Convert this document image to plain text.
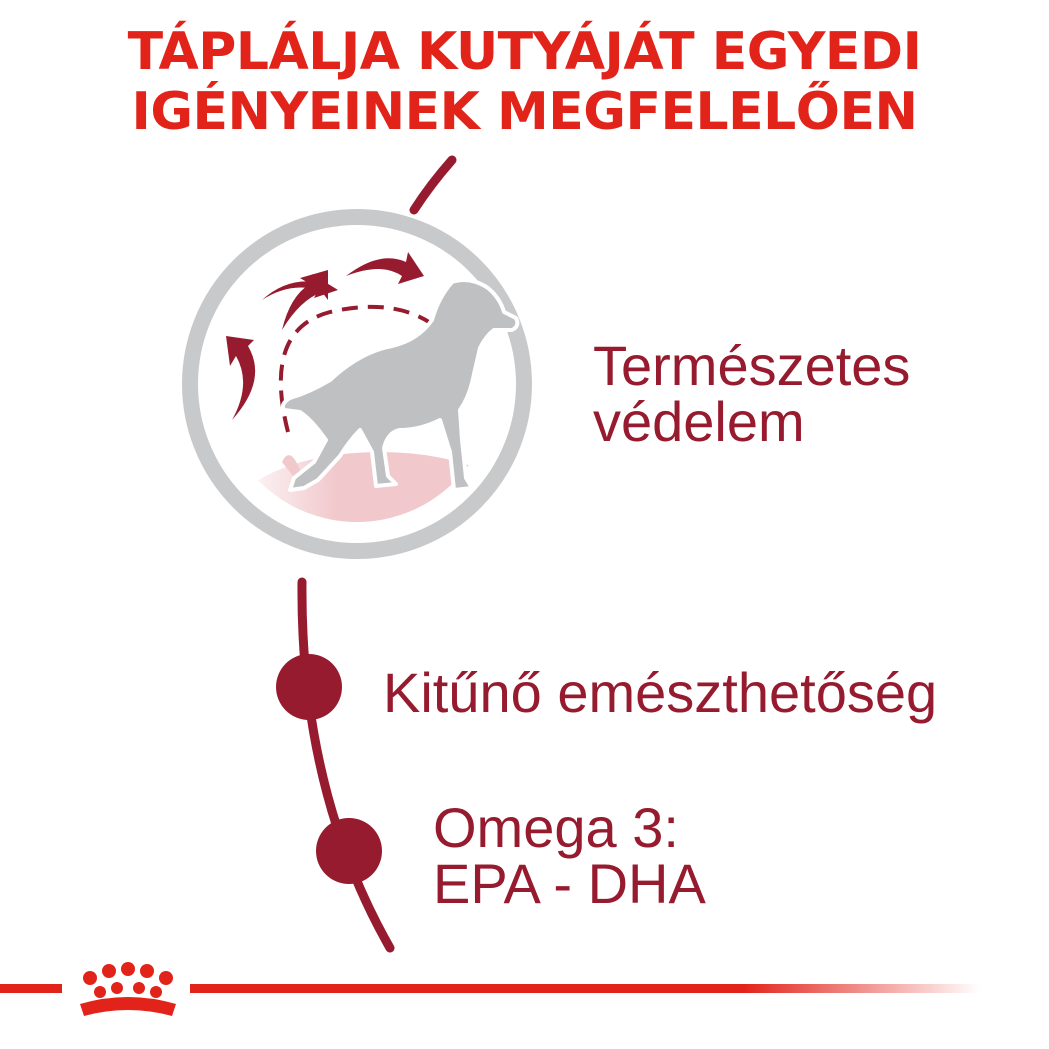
TÁPLÁLJA KUTYÁJÁT EGYEDI
IGÉNYEINEK MEGFELELŐEN
Természetes
védelem
Kitűnő emészthetőség
Omega 3:
EPA - DHA
